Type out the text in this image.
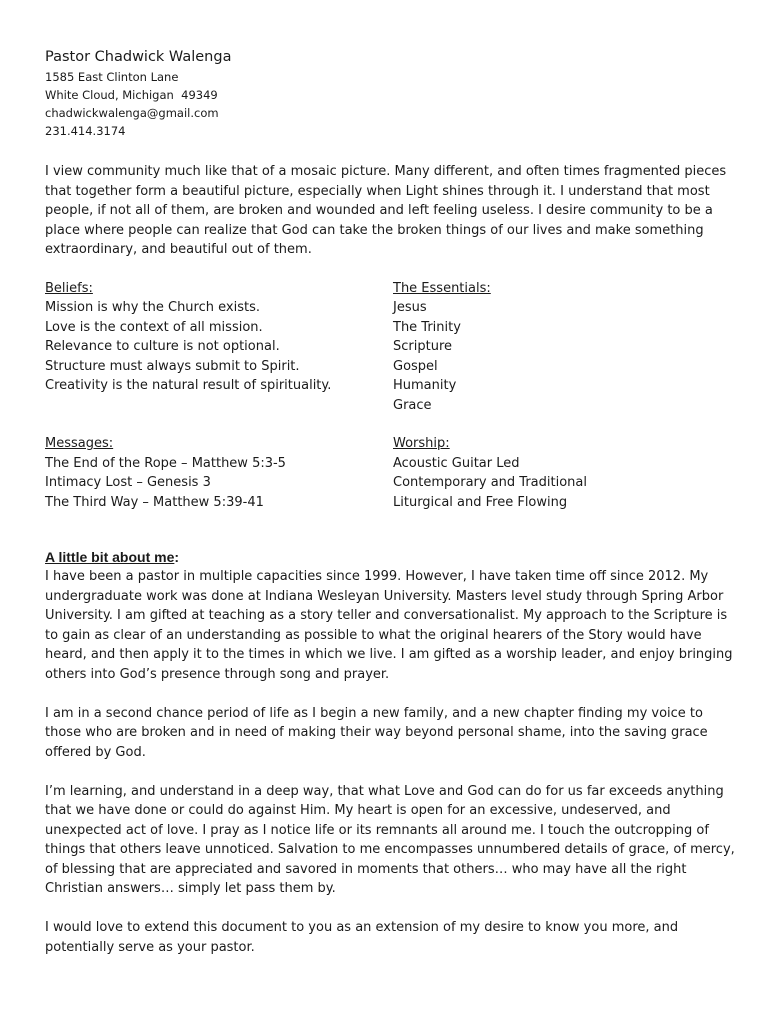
Pastor Chadwick Walenga
1585 East Clinton Lane
White Cloud, Michigan  49349
chadwickwalenga@gmail.com
231.414.3174

I view community much like that of a mosaic picture. Many different, and often times fragmented pieces that together form a beautiful picture, especially when Light shines through it. I understand that most people, if not all of them, are broken and wounded and left feeling useless. I desire community to be a place where people can realize that God can take the broken things of our lives and make something extraordinary, and beautiful out of them.

Beliefs:
Mission is why the Church exists.
Love is the context of all mission.
Relevance to culture is not optional.
Structure must always submit to Spirit.
Creativity is the natural result of spirituality.
The Essentials:
Jesus
The Trinity
Scripture
Gospel
Humanity
Grace
Messages:
The End of the Rope – Matthew 5:3-5
Intimacy Lost – Genesis 3
The Third Way – Matthew 5:39-41
Worship:
Acoustic Guitar Led
Contemporary and Traditional
Liturgical and Free Flowing
A little bit about me:

I have been a pastor in multiple capacities since 1999. However, I have taken time off since 2012. My undergraduate work was done at Indiana Wesleyan University. Masters level study through Spring Arbor University. I am gifted at teaching as a story teller and conversationalist. My approach to the Scripture is to gain as clear of an understanding as possible to what the original hearers of the Story would have heard, and then apply it to the times in which we live. I am gifted as a worship leader, and enjoy bringing others into God’s presence through song and prayer.

I am in a second chance period of life as I begin a new family, and a new chapter finding my voice to those who are broken and in need of making their way beyond personal shame, into the saving grace offered by God.

I’m learning, and understand in a deep way, that what Love and God can do for us far exceeds anything that we have done or could do against Him. My heart is open for an excessive, undeserved, and unexpected act of love. I pray as I notice life or its remnants all around me. I touch the outcropping of things that others leave unnoticed. Salvation to me encompasses unnumbered details of grace, of mercy, of blessing that are appreciated and savored in moments that others… who may have all the right Christian answers… simply let pass them by.

I would love to extend this document to you as an extension of my desire to know you more, and potentially serve as your pastor.
